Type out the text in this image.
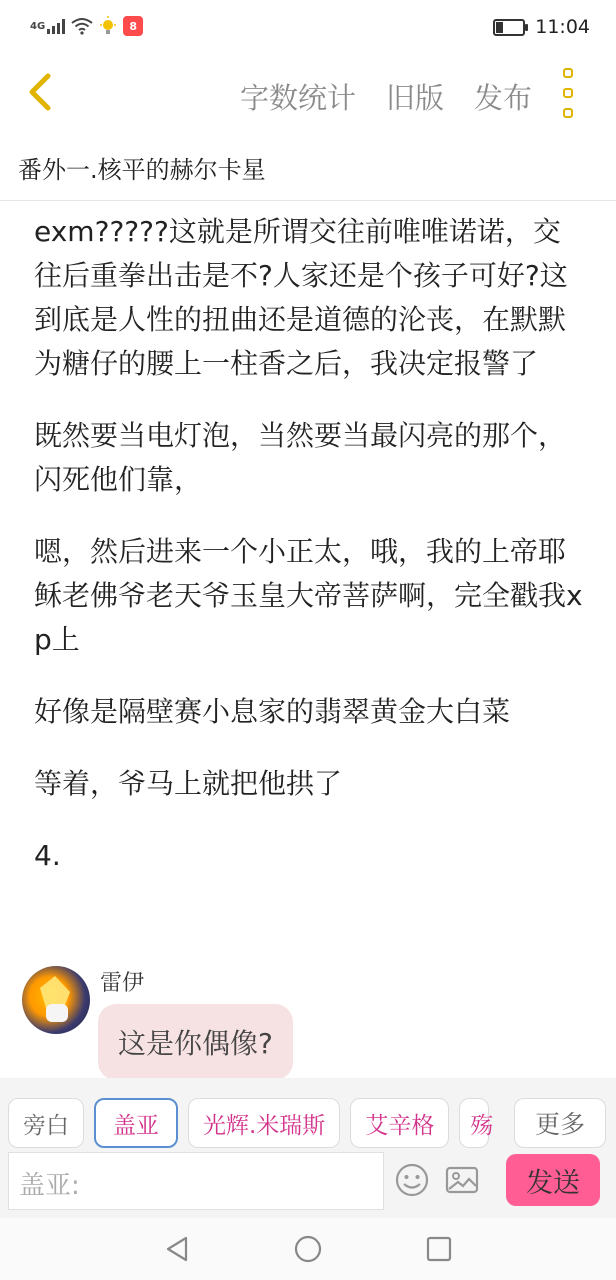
4G	8	11:04
字数统计 旧版 发布
番外一.核平的赫尔卡星

exm?????这就是所谓交往前唯唯诺诺，交往后重拳出击是不?人家还是个孩子可好?这到底是人性的扭曲还是道德的沦丧，在默默为糖仔的腰上一柱香之后，我决定报警了

既然要当电灯泡，当然要当最闪亮的那个，闪死他们靠，

嗯，然后进来一个小正太，哦，我的上帝耶稣老佛爷老天爷玉皇大帝菩萨啊，完全戳我xp上

好像是隔壁赛小息家的翡翠黄金大白菜

等着，爷马上就把他拱了

4.

雷伊
这是你偶像?
旁白	盖亚	光辉.米瑞斯	艾辛格	殇	更多
盖亚:	发送
